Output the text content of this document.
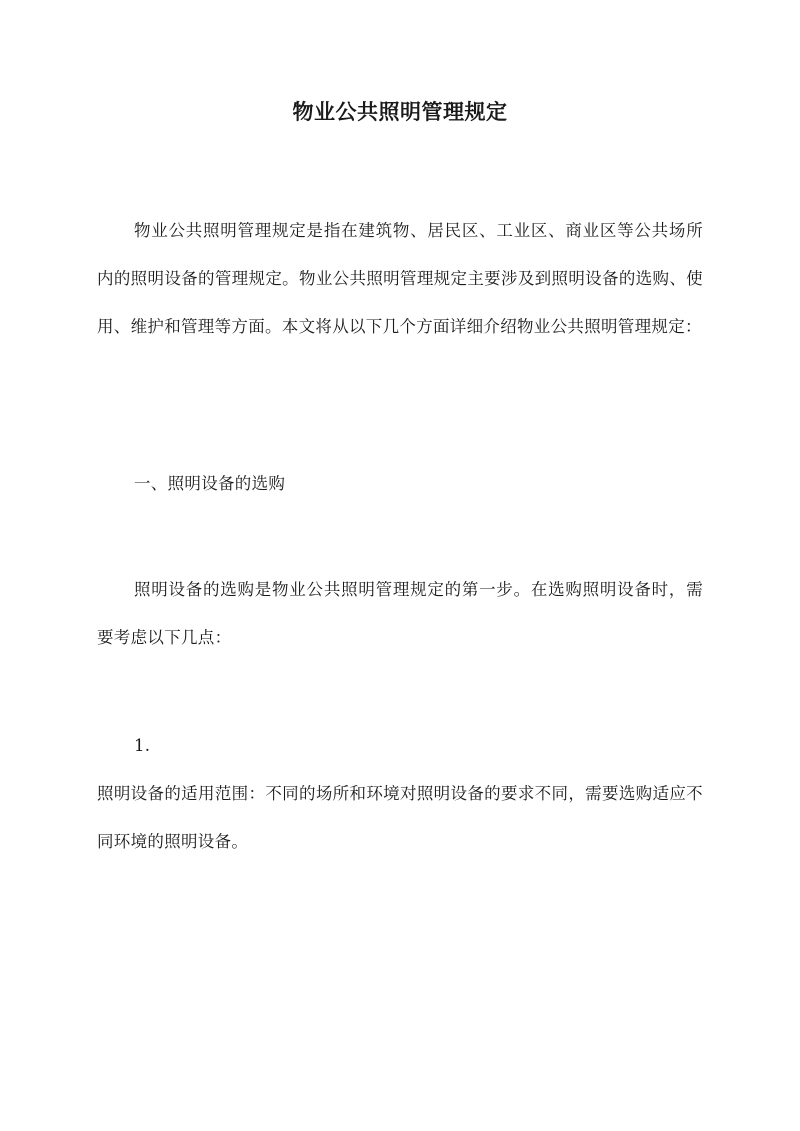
物业公共照明管理规定
物业公共照明管理规定是指在建筑物、居民区、工业区、商业区等公共场所内的照明设备的管理规定。物业公共照明管理规定主要涉及到照明设备的选购、使用、维护和管理等方面。本文将从以下几个方面详细介绍物业公共照明管理规定：
一、照明设备的选购
照明设备的选购是物业公共照明管理规定的第一步。在选购照明设备时，需要考虑以下几点：
1.
照明设备的适用范围：不同的场所和环境对照明设备的要求不同，需要选购适应不同环境的照明设备。
